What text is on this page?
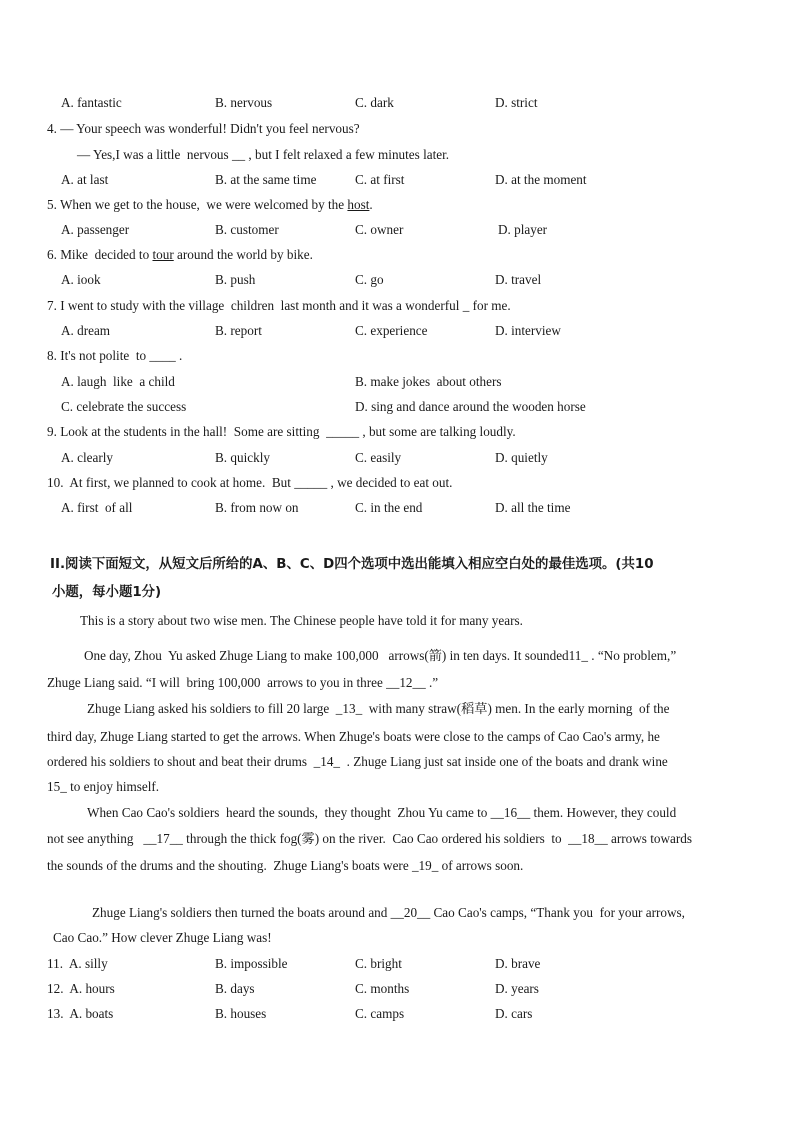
A. fantastic	B. nervous	C. dark	D. strict
4. — Your speech was wonderful! Didn't you feel nervous?
— Yes,I was a little  nervous __ , but I felt relaxed a few minutes later.
A. at last	B. at the same time	C. at first	D. at the moment
5. When we get to the house,  we were welcomed by the host.
A. passenger	B. customer	C. owner	D. player
6. Mike  decided to tour around the world by bike.
A. iook	B. push	C. go	D. travel
7. I went to study with the village  children  last month and it was a wonderful _ for me.
A. dream	B. report	C. experience	D. interview
8. It's not polite  to ____ .
A. laugh  like  a child	B. make jokes  about others
C. celebrate the success	D. sing and dance around the wooden horse
9. Look at the students in the hall!  Some are sitting  _____ , but some are talking loudly.
A. clearly	B. quickly	C. easily	D. quietly
10.  At first, we planned to cook at home.  But _____ , we decided to eat out.
A. first  of all	B. from now on	C. in the end	D. all the time
II.阅读下面短文，从短文后所给的A、B、C、D四个选项中选出能填入相应空白处的最佳选项。(共10
小题，每小题1分)
This is a story about two wise men. The Chinese people have told it for many years.
One day, Zhou  Yu asked Zhuge Liang to make 100,000   arrows(箭) in ten days. It sounded11_ . “No problem,”
Zhuge Liang said. “I will  bring 100,000  arrows to you in three __12__ .”
Zhuge Liang asked his soldiers to fill 20 large  _13_  with many straw(稻草) men. In the early morning  of the
third day, Zhuge Liang started to get the arrows. When Zhuge's boats were close to the camps of Cao Cao's army, he
ordered his soldiers to shout and beat their drums  _14_  . Zhuge Liang just sat inside one of the boats and drank wine
15_ to enjoy himself.
When Cao Cao's soldiers  heard the sounds,  they thought  Zhou Yu came to __16__ them. However, they could
not see anything   __17__ through the thick fog(雾) on the river.  Cao Cao ordered his soldiers  to  __18__ arrows towards
the sounds of the drums and the shouting.  Zhuge Liang's boats were _19_ of arrows soon.
Zhuge Liang's soldiers then turned the boats around and __20__ Cao Cao's camps, “Thank you  for your arrows,
Cao Cao.” How clever Zhuge Liang was!
11.  A. silly	B. impossible	C. bright	D. brave
12.  A. hours	B. days	C. months	D. years
13.  A. boats	B. houses	C. camps	D. cars
